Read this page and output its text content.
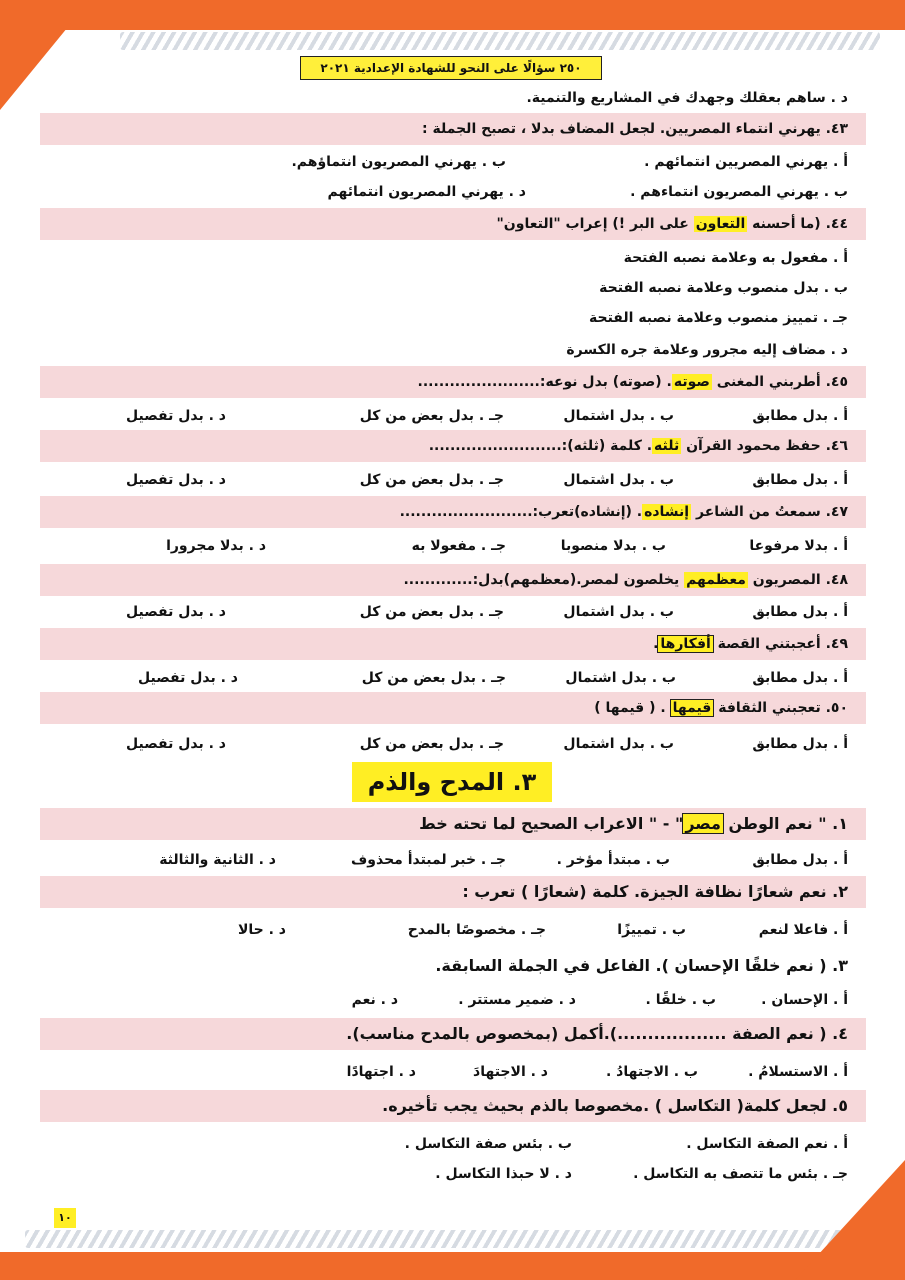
٢٥٠ سؤالًا على النحو للشهادة الإعدادية ٢٠٢١
د . ساهم بعقلك وجهدك في المشاريع والتنمية.
٤٣. يهرني انتماء المصريين. لجعل المضاف بدلا ، تصبح الجملة :
أ . يهرني المصريين انتمائهم .
ب . يهرني المصريون انتماؤهم.
ب . يهرني المصريون انتماءهم .
د . يهرني المصريون انتمائهم
٤٤. (ما أحسنه التعاون على البر !) إعراب "التعاون"
أ . مفعول به وعلامة نصبه الفتحة
ب . بدل منصوب وعلامة نصبه الفتحة
جـ . تمييز منصوب وعلامة نصبه الفتحة
د . مضاف إليه مجرور وعلامة جره الكسرة
٤٥. أطربني المغنى صوته. (صوته) بدل نوعه:.......................
أ . بدل مطابق
ب . بدل اشتمال
جـ . بدل بعض من كل
د . بدل تفصيل
٤٦. حفظ محمود القرآن ثلثه. كلمة (ثلثه):.........................
أ . بدل مطابق
ب . بدل اشتمال
جـ . بدل بعض من كل
د . بدل تفصيل
٤٧. سمعتُ من الشاعر إنشاده. (إنشاده)تعرب:.........................
أ . بدلا مرفوعا
ب . بدلا منصوبا
جـ . مفعولا به
د . بدلا مجرورا
٤٨. المصريون معظمهم يخلصون لمصر.(معظمهم)بدل:.............
أ . بدل مطابق
ب . بدل اشتمال
جـ . بدل بعض من كل
د . بدل تفصيل
٤٩. أعجبتني القصة أفكارها.
أ . بدل مطابق
ب . بدل اشتمال
جـ . بدل بعض من كل
د . بدل تفصيل
٥٠. تعجبني الثقافة قيمها . ( قيمها )
أ . بدل مطابق
ب . بدل اشتمال
جـ . بدل بعض من كل
د . بدل تفصيل
٣. المدح والذم
١. " نعم الوطن مصر" - " الاعراب الصحيح لما تحته خط
أ . بدل مطابق
ب . مبتدأ مؤخر .
جـ . خبر لمبتدأ محذوف
د . الثانية والثالثة
٢. نعم شعارًا نظافة الجيزة. كلمة (شعارًا ) تعرب :
أ . فاعلا لنعم
ب . تمييزًا
جـ . مخصوصًا بالمدح
د . حالا
٣. ( نعم خلقًا الإحسان ). الفاعل في الجملة السابقة.
أ . الإحسان .
ب . خلقًا .
د . ضمير مستتر .
د . نعم
٤. ( نعم الصفة ..................).أكمل (بمخصوص بالمدح مناسب).
أ . الاستسلامُ .
ب . الاجتهادُ .
د . الاجتهادَ
د . اجتهادًا
٥. لجعل كلمة( التكاسل ) .مخصوصا بالذم بحيث يجب تأخيره.
أ . نعم الصفة التكاسل .
ب . بئس صفة التكاسل .
جـ . بئس ما تتصف به التكاسل .
د . لا حبذا التكاسل .
١٠
